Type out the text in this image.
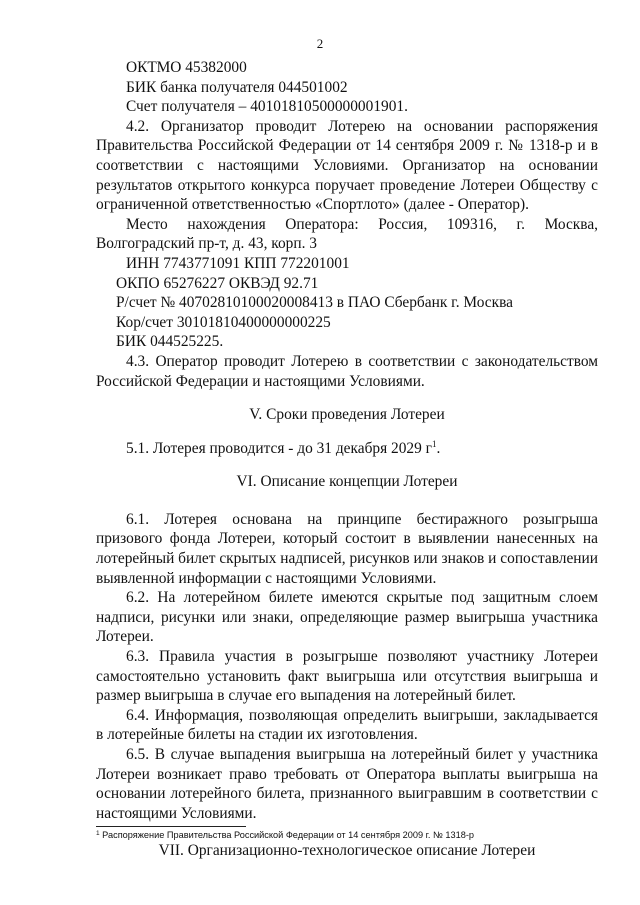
2

ОКТМО 45382000

БИК банка получателя 044501002

Счет получателя – 40101810500000001901.

4.2. Организатор проводит Лотерею на основании распоряжения Правительства Российской Федерации от 14 сентября 2009 г. № 1318-р и в соответствии с настоящими Условиями. Организатор на основании результатов открытого конкурса поручает проведение Лотереи Обществу с ограниченной ответственностью «Спортлото» (далее - Оператор).

Место нахождения Оператора: Россия, 109316, г. Москва, Волгоградский пр-т, д. 43, корп. 3

ИНН 7743771091 КПП 772201001

ОКПО 65276227 ОКВЭД 92.71

Р/счет № 40702810100020008413 в ПАО Сбербанк г. Москва

Кор/счет 30101810400000000225

БИК 044525225.

4.3. Оператор проводит Лотерею в соответствии с законодательством Российской Федерации и настоящими Условиями.

V. Сроки проведения Лотереи

5.1. Лотерея проводится - до 31 декабря 2029 $г^1$.

VI. Описание концепции Лотереи

6.1. Лотерея основана на принципе бестиражного розыгрыша призового фонда Лотереи, который состоит в выявлении нанесенных на лотерейный билет скрытых надписей, рисунков или знаков и сопоставлении выявленной информации с настоящими Условиями.

6.2. На лотерейном билете имеются скрытые под защитным слоем надписи, рисунки или знаки, определяющие размер выигрыша участника Лотереи.

6.3. Правила участия в розыгрыше позволяют участнику Лотереи самостоятельно установить факт выигрыша или отсутствия выигрыша и размер выигрыша в случае его выпадения на лотерейный билет.

6.4. Информация, позволяющая определить выигрыши, закладывается в лотерейные билеты на стадии их изготовления.

6.5. В случае выпадения выигрыша на лотерейный билет у участника Лотереи возникает право требовать от Оператора выплаты выигрыша на основании лотерейного билета, признанного выигравшим в соответствии с настоящими Условиями.

VII. Организационно-технологическое описание Лотереи

$^1$ Распоряжение Правительства Российской Федерации от 14 сентября 2009 г. № 1318-р
